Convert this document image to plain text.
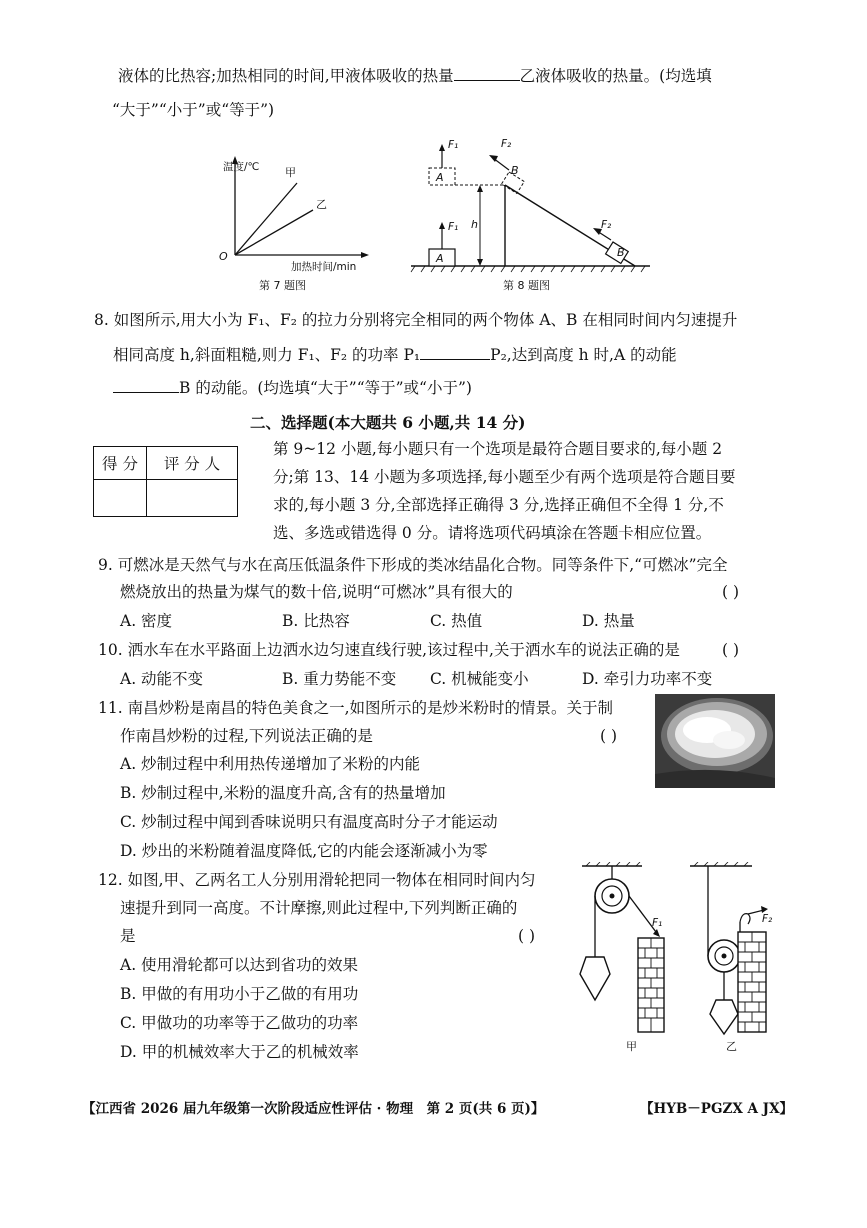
液体的比热容;加热相同的时间,甲液体吸收的热量	乙液体吸收的热量。(均选填
“大于”“小于”或“等于”)
温度/℃
O
甲
乙
加热时间/min
第 7 题图
A
F₁
A
F₁
h
B
F₂
B
F₂
第 8 题图
8. 如图所示,用大小为 F₁、F₂ 的拉力分别将完全相同的两个物体 A、B 在相同时间内匀速提升
相同高度 h,斜面粗糙,则力 F₁、F₂ 的功率 P₁	P₂,达到高度 h 时,A 的动能
B 的动能。(均选填“大于”“等于”或“小于”)
二、选择题(本大题共 6 小题,共 14 分)
得 分	评 分 人

第 9~12 小题,每小题只有一个选项是最符合题目要求的,每小题 2
分;第 13、14 小题为多项选择,每小题至少有两个选项是符合题目要
求的,每小题 3 分,全部选择正确得 3 分,选择正确但不全得 1 分,不
选、多选或错选得 0 分。请将选项代码填涂在答题卡相应位置。
9. 可燃冰是天然气与水在高压低温条件下形成的类冰结晶化合物。同等条件下,“可燃冰”完全
燃烧放出的热量为煤气的数十倍,说明“可燃冰”具有很大的	( )
A. 密度	B. 比热容	C. 热值	D. 热量
10. 洒水车在水平路面上边洒水边匀速直线行驶,该过程中,关于洒水车的说法正确的是	( )
A. 动能不变	B. 重力势能不变 C. 机械能变小	D. 牵引力功率不变
11. 南昌炒粉是南昌的特色美食之一,如图所示的是炒米粉时的情景。关于制
作南昌炒粉的过程,下列说法正确的是	( )
A. 炒制过程中利用热传递增加了米粉的内能
B. 炒制过程中,米粉的温度升高,含有的热量增加
C. 炒制过程中闻到香味说明只有温度高时分子才能运动
D. 炒出的米粉随着温度降低,它的内能会逐渐减小为零
12. 如图,甲、乙两名工人分别用滑轮把同一物体在相同时间内匀
速提升到同一高度。不计摩擦,则此过程中,下列判断正确的
是	( )
A. 使用滑轮都可以达到省功的效果
B. 甲做的有用功小于乙做的有用功
C. 甲做功的功率等于乙做功的功率
D. 甲的机械效率大于乙的机械效率
F₁
甲
F₂
乙
【江西省 2026 届九年级第一次阶段适应性评估 · 物理　第 2 页(共 6 页)】	【HYB－PGZX A JX】
